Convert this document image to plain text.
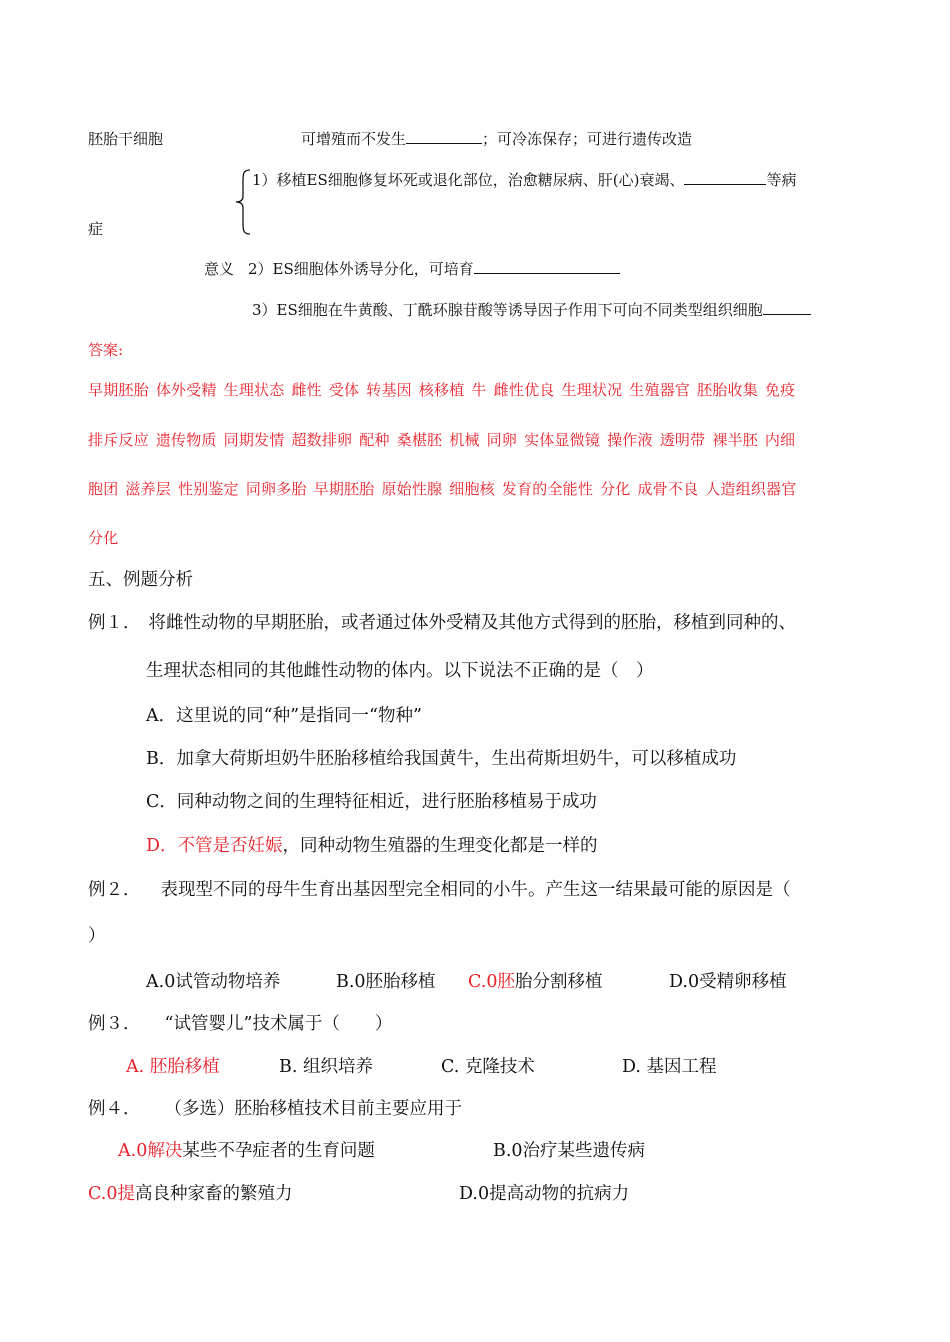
胚胎干细胞	可增殖而不发生	；可冷冻保存；可进行遗传改造
1）移植ES细胞修复坏死或退化部位，治愈糖尿病、肝(心)衰竭、	等病
症
意义 2）ES细胞体外诱导分化，可培育
3）ES细胞在牛黄酸、丁酰环腺苷酸等诱导因子作用下可向不同类型组织细胞
答案:
早期胚胎 体外受精 生理状态 雌性 受体 转基因 核移植 牛 雌性优良 生理状况 生殖器官 胚胎收集 免疫
排斥反应 遗传物质 同期发情 超数排卵 配种 桑椹胚 机械 同卵 实体显微镜 操作液 透明带 裸半胚 内细
胞团 滋养层 性别鉴定 同卵多胎 早期胚胎 原始性腺 细胞核 发育的全能性 分化 成骨不良 人造组织器官
分化
五、例题分析
例１． 将雌性动物的早期胚胎，或者通过体外受精及其他方式得到的胚胎，移植到同种的、
生理状态相同的其他雌性动物的体内。以下说法不正确的是（　）
A．这里说的同“种”是指同一“物种”
B．加拿大荷斯坦奶牛胚胎移植给我国黄牛，生出荷斯坦奶牛，可以移植成功
C．同种动物之间的生理特征相近，进行胚胎移植易于成功
D．不管是否妊娠，同种动物生殖器的生理变化都是一样的
例２． 表现型不同的母牛生育出基因型完全相同的小牛。产生这一结果最可能的原因是（
）
A.0试管动物培养	B.0胚胎移植 C.0胚胎分割移植	D.0受精卵移植
例３． “试管婴儿”技术属于（　　）
A. 胚胎移植	B. 组织培养	C. 克隆技术	D. 基因工程
例４． （多选）胚胎移植技术目前主要应用于
A.0解决某些不孕症者的生育问题	B.0治疗某些遗传病
C.0提高良种家畜的繁殖力	D.0提高动物的抗病力
